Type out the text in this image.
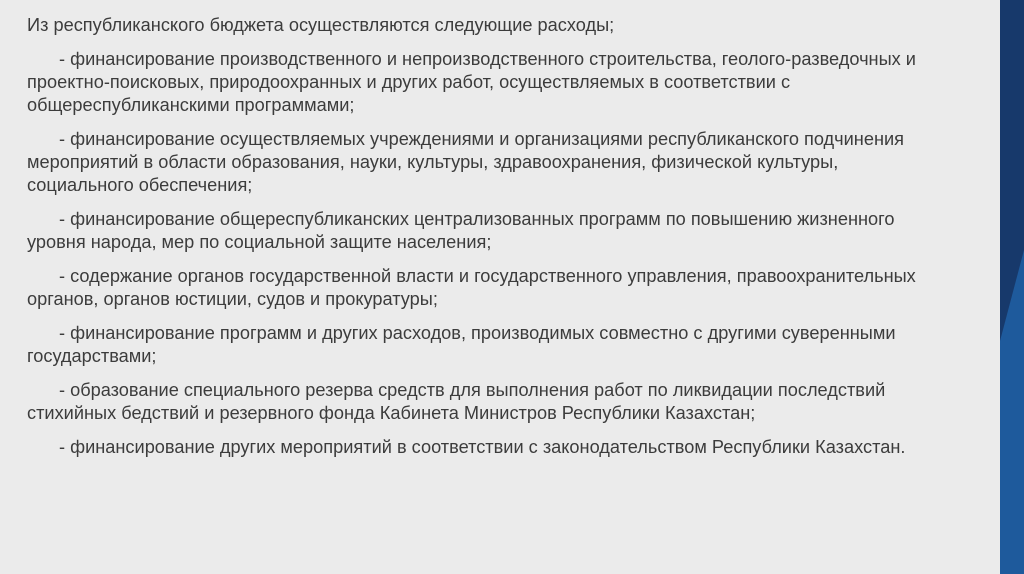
Из республиканского бюджета осуществляются следующие расходы;

- финансирование производственного и непроизводственного строительства, геолого-разведочных и проектно-поисковых, природоохранных и других работ, осуществляемых в соответствии с общереспубликанскими программами;

- финансирование осуществляемых учреждениями и организациями республиканского подчинения мероприятий в области образования, науки, культуры, здравоохранения, физической культуры, социального обеспечения;

- финансирование общереспубликанских централизованных программ по повышению жизненного уровня народа, мер по социальной защите населения;

- содержание органов государственной власти и государственного управления, правоохранительных органов, органов юстиции, судов и прокуратуры;

- финансирование программ и других расходов, производимых совместно с другими суверенными государствами;

- образование специального резерва средств для выполнения работ по ликвидации последствий стихийных бедствий и резервного фонда Кабинета Министров Республики Казахстан;

- финансирование других мероприятий в соответствии с законодательством Республики Казахстан.
